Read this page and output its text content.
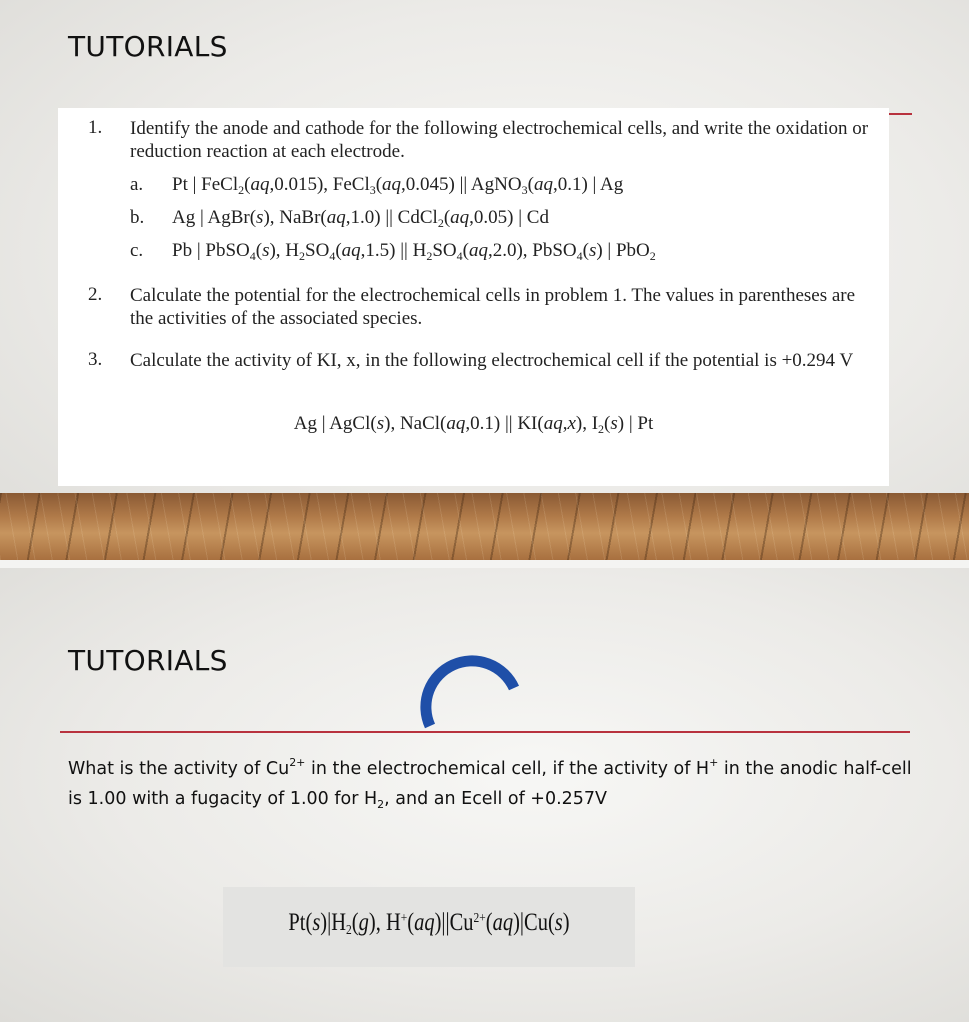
TUTORIALS
1. Identify the anode and cathode for the following electrochemical cells, and write the oxidation or reduction reaction at each electrode.
a. Pt | FeCl$_2$(aq,0.015), FeCl$_3$(aq,0.045) || AgNO$_3$(aq,0.1) | Ag
b. Ag | AgBr(s), NaBr(aq,1.0) || CdCl$_2$(aq,0.05) | Cd
c. Pb | PbSO$_4$(s), $H_2SO_4(aq,1.5)$ || $H_2SO_4(aq,2.0)$, PbSO$_4$(s) | PbO$_2$
2. Calculate the potential for the electrochemical cells in problem 1. The values in parentheses are the activities of the associated species.
3. Calculate the activity of KI, x, in the following electrochemical cell if the potential is +0.294 V
Ag | AgCl(s), NaCl(aq,0.1) || KI(aq,x), $I_2(s)$ | Pt
TUTORIALS
What is the activity of $Cu^{2+}$ in the electrochemical cell, if the activity of H+ in the anodic half-cell is 1.00 with a fugacity of 1.00 for $H_2$, and an Ecell of +0.257V
$Pt(s)|H_2(g)$, $H^+(aq)||Cu^{2+}(aq)|Cu(s)$
